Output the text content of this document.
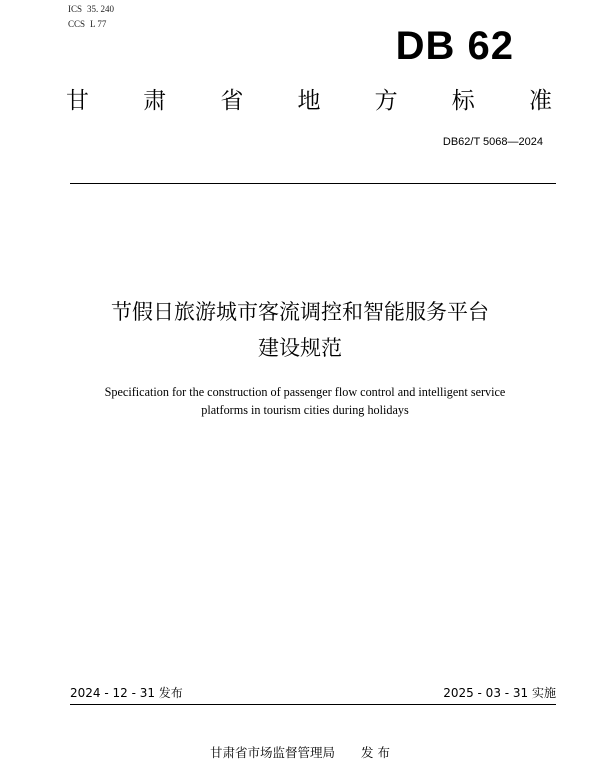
ICS 35. 240
CCS L 77	DB 62
甘 肃 省 地 方 标 准
DB62/T 5068—2024
节假日旅游城市客流调控和智能服务平台
建设规范
Specification for the construction of passenger flow control and intelligent service
platforms in tourism cities during holidays
2024 - 12 - 31 发布	2025 - 03 - 31 实施
甘肃省市场监督管理局 发 布
